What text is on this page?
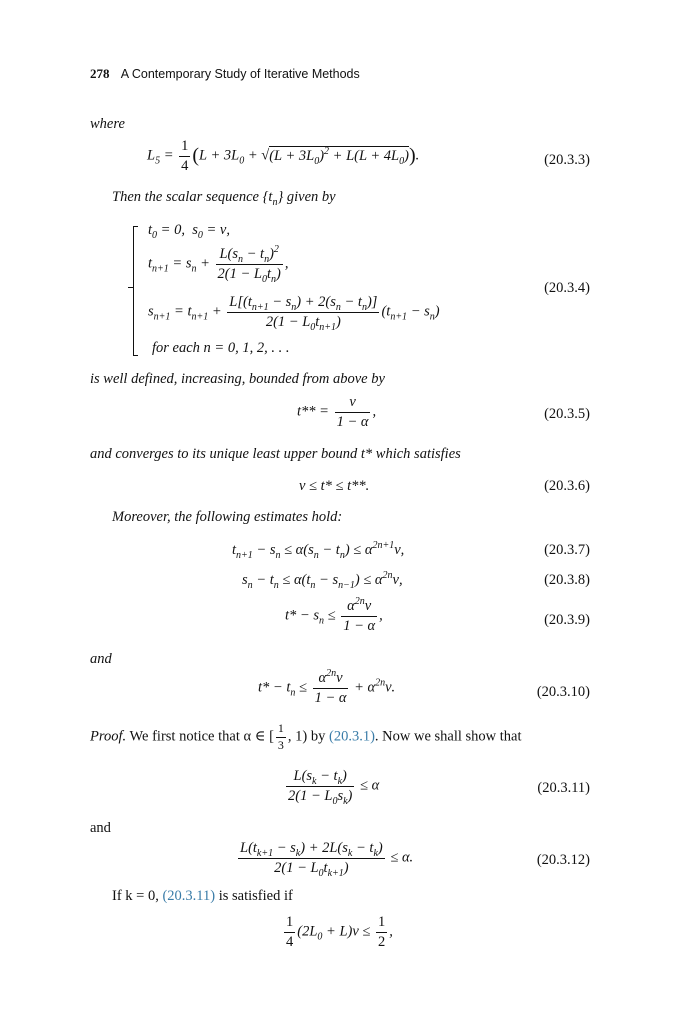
278 A Contemporary Study of Iterative Methods
where
$L_5 = \frac{1}{4} (L + 3L_0 + √(L + 3L_0)^2 + L(L + 4L_0))$.	(20.3.3)
Then the scalar sequence $\{t_n\}$ given by
$t_0 = 0$,  $s_0 = \nu$,
$t_{n+1} = s_n + \frac{L(s_n - t_n)^2}{2(1 - L_0t_n)}$ ,
$s_{n+1} = t_{n+1} + \frac{L[(t_{n+1} - s_n) + 2(s_n - t_n)]}{2(1 - L_0t_{n+1})} (t_{n+1} - s_n)$
for each n = 0, 1, 2, . . .
(20.3.4)
is well defined, increasing, bounded from above by
$t** = \frac{\nu}{1 - \alpha}$ ,	(20.3.5)
and converges to its unique least upper bound t* which satisfies
ν ≤ t* ≤ t**.	(20.3.6)
Moreover, the following estimates hold:
$t_{n+1} - s_n \le \alpha(s_n - t_n) \le \alpha^{2n+1}\nu$,	(20.3.7)
$s_n - t_n \le \alpha(t_n - s_{n-1}) \le \alpha^{2n}\nu$,	(20.3.8)
$t* - s_n \le \frac{\alpha^{2n}\nu}{1 - \alpha}$ ,	(20.3.9)
and
$t* - t_n \le \frac{\alpha^{2n}\nu}{1 - \alpha} + \alpha^{2n}\nu$.	(20.3.10)
Proof. We first notice that α ∈ [ $\frac{1}{3}$ , 1) by (20.3.1). Now we shall show that
$\frac{L(s_k - t_k)}{2(1 - L_0s_k)} \le \alpha$	(20.3.11)
and
$\frac{L(t_{k+1} - s_k) + 2L(s_k - t_k)}{2(1 - L_0t_{k+1})} \le \alpha$.	(20.3.12)
If k = 0, (20.3.11) is satisfied if
$\frac{1}{4} (2L_0 + L)\nu \le \frac{1}{2}$ ,
